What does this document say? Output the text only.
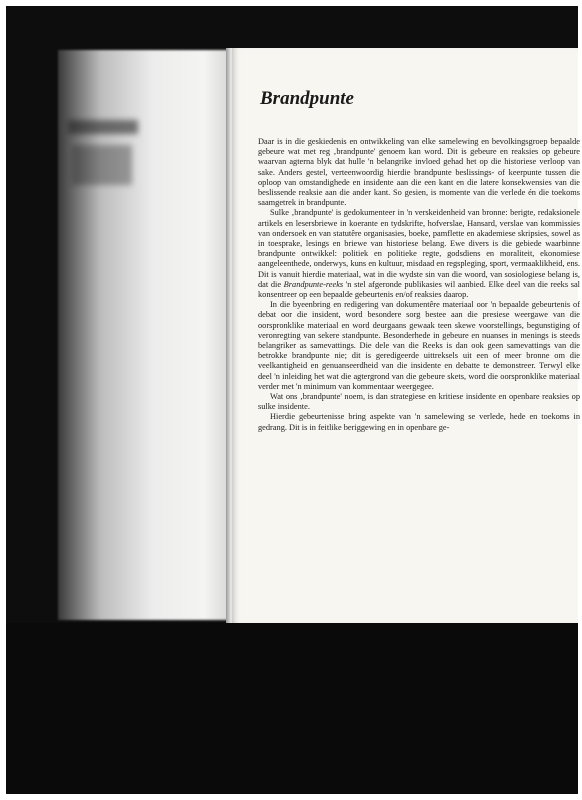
Brandpunte

Daar is in die geskiedenis en ontwikkeling van elke samelewing en bevolkingsgroep bepaalde gebeure wat met reg ‚brandpunte' genoem kan word. Dit is gebeure en reaksies op gebeure waarvan agterna blyk dat hulle 'n belangrike invloed gehad het op die historiese verloop van sake. Anders gestel, verteenwoordig hierdie brandpunte beslissings- of keerpunte tussen die oploop van omstandighede en insidente aan die een kant en die latere konsekwensies van die beslissende reaksie aan die ander kant. So gesien, is momente van die verlede én die toekoms saamgetrek in brandpunte.

Sulke ‚brandpunte' is gedokumenteer in 'n verskeidenheid van bronne: berigte, redaksionele artikels en lesersbriewe in koerante en tydskrifte, hofverslae, Hansard, verslae van kommissies van ondersoek en van statutêre organisasies, boeke, pamflette en akademiese skripsies, sowel as in toesprake, lesings en briewe van historiese belang. Ewe divers is die gebiede waarbinne brandpunte ontwikkel: politiek en politieke regte, godsdiens en moraliteit, ekonomiese aangeleenthede, onderwys, kuns en kultuur, misdaad en regspleging, sport, vermaaklikheid, ens. Dit is vanuit hierdie materiaal, wat in die wydste sin van die woord, van sosiologiese belang is, dat die Brandpunte-reeks 'n stel afgeronde publikasies wil aanbied. Elke deel van die reeks sal konsentreer op een bepaalde gebeurtenis en/of reaksies daarop.

In die byeenbring en redigering van dokumentêre materiaal oor 'n bepaalde gebeurtenis of debat oor die insident, word besondere sorg bestee aan die presiese weergawe van die oorspronklike materiaal en word deurgaans gewaak teen skewe voorstellings, begunstiging of veronregting van sekere standpunte. Besonderhede in gebeure en nuanses in menings is steeds belangriker as samevattings. Die dele van die Reeks is dan ook geen samevattings van die betrokke brandpunte nie; dit is geredigeerde uittreksels uit een of meer bronne om die veelkantigheid en genuanseerdheid van die insidente en debatte te demonstreer. Terwyl elke deel 'n inleiding het wat die agtergrond van die gebeure skets, word die oorspronklike materiaal verder met 'n minimum van kommentaar weergegee.

Wat ons ‚brandpunte' noem, is dan strategiese en kritiese insidente en openbare reaksies op sulke insidente.

Hierdie gebeurtenisse bring aspekte van 'n samelewing se verlede, hede en toekoms in gedrang. Dit is in feitlike beriggewing en in openbare ge-
